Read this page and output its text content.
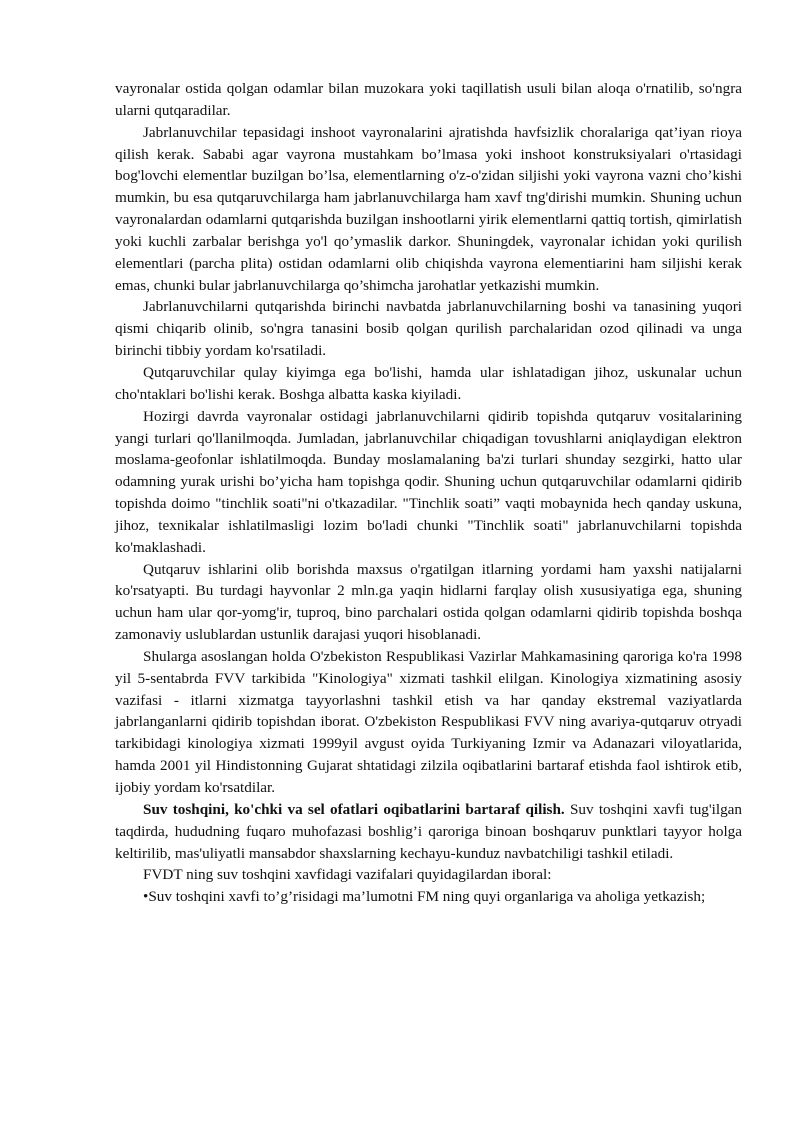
vayronalar ostida qolgan odamlar bilan muzokara yoki taqillatish usuli bilan aloqa o'rnatilib, so'ngra ularni qutqaradilar.

Jabrlanuvchilar tepasidagi inshoot vayronalarini ajratishda havfsizlik choralariga qat’iyan rioya qilish kerak. Sababi agar vayrona mustahkam bo’lmasa yoki inshoot konstruksiyalari o'rtasidagi bog'lovchi elementlar buzilgan bo’lsa, elementlarning o'z-o'zidan siljishi yoki vayrona vazni cho’kishi mumkin, bu esa qutqaruvchilarga ham jabrlanuvchilarga ham xavf tng'dirishi mumkin. Shuning uchun vayronalardan odamlarni qutqarishda buzilgan inshootlarni yirik elementlarni qattiq tortish, qimirlatish yoki kuchli zarbalar berishga yo'l qo’ymaslik darkor. Shuningdek, vayronalar ichidan yoki qurilish elementlari (parcha plita) ostidan odamlarni olib chiqishda vayrona elementiarini ham siljishi kerak emas, chunki bular jabrlanuvchilarga qo’shimcha jarohatlar yetkazishi mumkin.

Jabrlanuvchilarni qutqarishda birinchi navbatda jabrlanuvchilarning boshi va tanasining yuqori qismi chiqarib olinib, so'ngra tanasini bosib qolgan qurilish parchalaridan ozod qilinadi va unga birinchi tibbiy yordam ko'rsatiladi.

Qutqaruvchilar qulay kiyimga ega bo'lishi, hamda ular ishlatadigan jihoz, uskunalar uchun cho'ntaklari bo'lishi kerak. Boshga albatta kaska kiyiladi.

Hozirgi davrda vayronalar ostidagi jabrlanuvchilarni qidirib topishda qutqaruv vositalarining yangi turlari qo'llanilmoqda. Jumladan, jabrlanuvchilar chiqadigan tovushlarni aniqlaydigan elektron moslama-geofonlar ishlatilmoqda. Bunday moslamalaning ba'zi turlari shunday sezgirki, hatto ular odamning yurak urishi bo’yicha ham topishga qodir. Shuning uchun qutqaruvchilar odamlarni qidirib topishda doimo "tinchlik soati"ni o'tkazadilar. "Tinchlik soati” vaqti mobaynida hech qanday uskuna, jihoz, texnikalar ishlatilmasligi lozim bo'ladi chunki "Tinchlik soati" jabrlanuvchilarni topishda ko'maklashadi.

Qutqaruv ishlarini olib borishda maxsus o'rgatilgan itlarning yordami ham yaxshi natijalarni ko'rsatyapti. Bu turdagi hayvonlar 2 mln.ga yaqin hidlarni farqlay olish xususiyatiga ega, shuning uchun ham ular qor-yomg'ir, tuproq, bino parchalari ostida qolgan odamlarni qidirib topishda boshqa zamonaviy uslublardan ustunlik darajasi yuqori hisoblanadi.

Shularga asoslangan holda O'zbekiston Respublikasi Vazirlar Mahkamasining qaroriga ko'ra 1998 yil 5-sentabrda FVV tarkibida "Kinologiya" xizmati tashkil elilgan. Kinologiya xizmatining asosiy vazifasi - itlarni xizmatga tayyorlashni tashkil etish va har qanday ekstremal vaziyatlarda jabrlanganlarni qidirib topishdan iborat. O'zbekiston Respublikasi FVV ning avariya-qutqaruv otryadi tarkibidagi kinologiya xizmati 1999yil avgust oyida Turkiyaning Izmir va Adanazari viloyatlarida, hamda 2001 yil Hindistonning Gujarat shtatidagi zilzila oqibatlarini bartaraf etishda faol ishtirok etib, ijobiy yordam ko'rsatdilar.

Suv toshqini, ko'chki va sel ofatlari oqibatlarini bartaraf qilish. Suv toshqini xavfi tug'ilgan taqdirda, hududning fuqaro muhofazasi boshlig’i qaroriga binoan boshqaruv punktlari tayyor holga keltirilib, mas'uliyatli mansabdor shaxslarning kechayu-kunduz navbatchiligi tashkil etiladi.

FVDT ning suv toshqini xavfidagi vazifalari quyidagilardan iboral:

•Suv toshqini xavfi to’g’risidagi ma’lumotni FM ning quyi organlariga va aholiga yetkazish;
